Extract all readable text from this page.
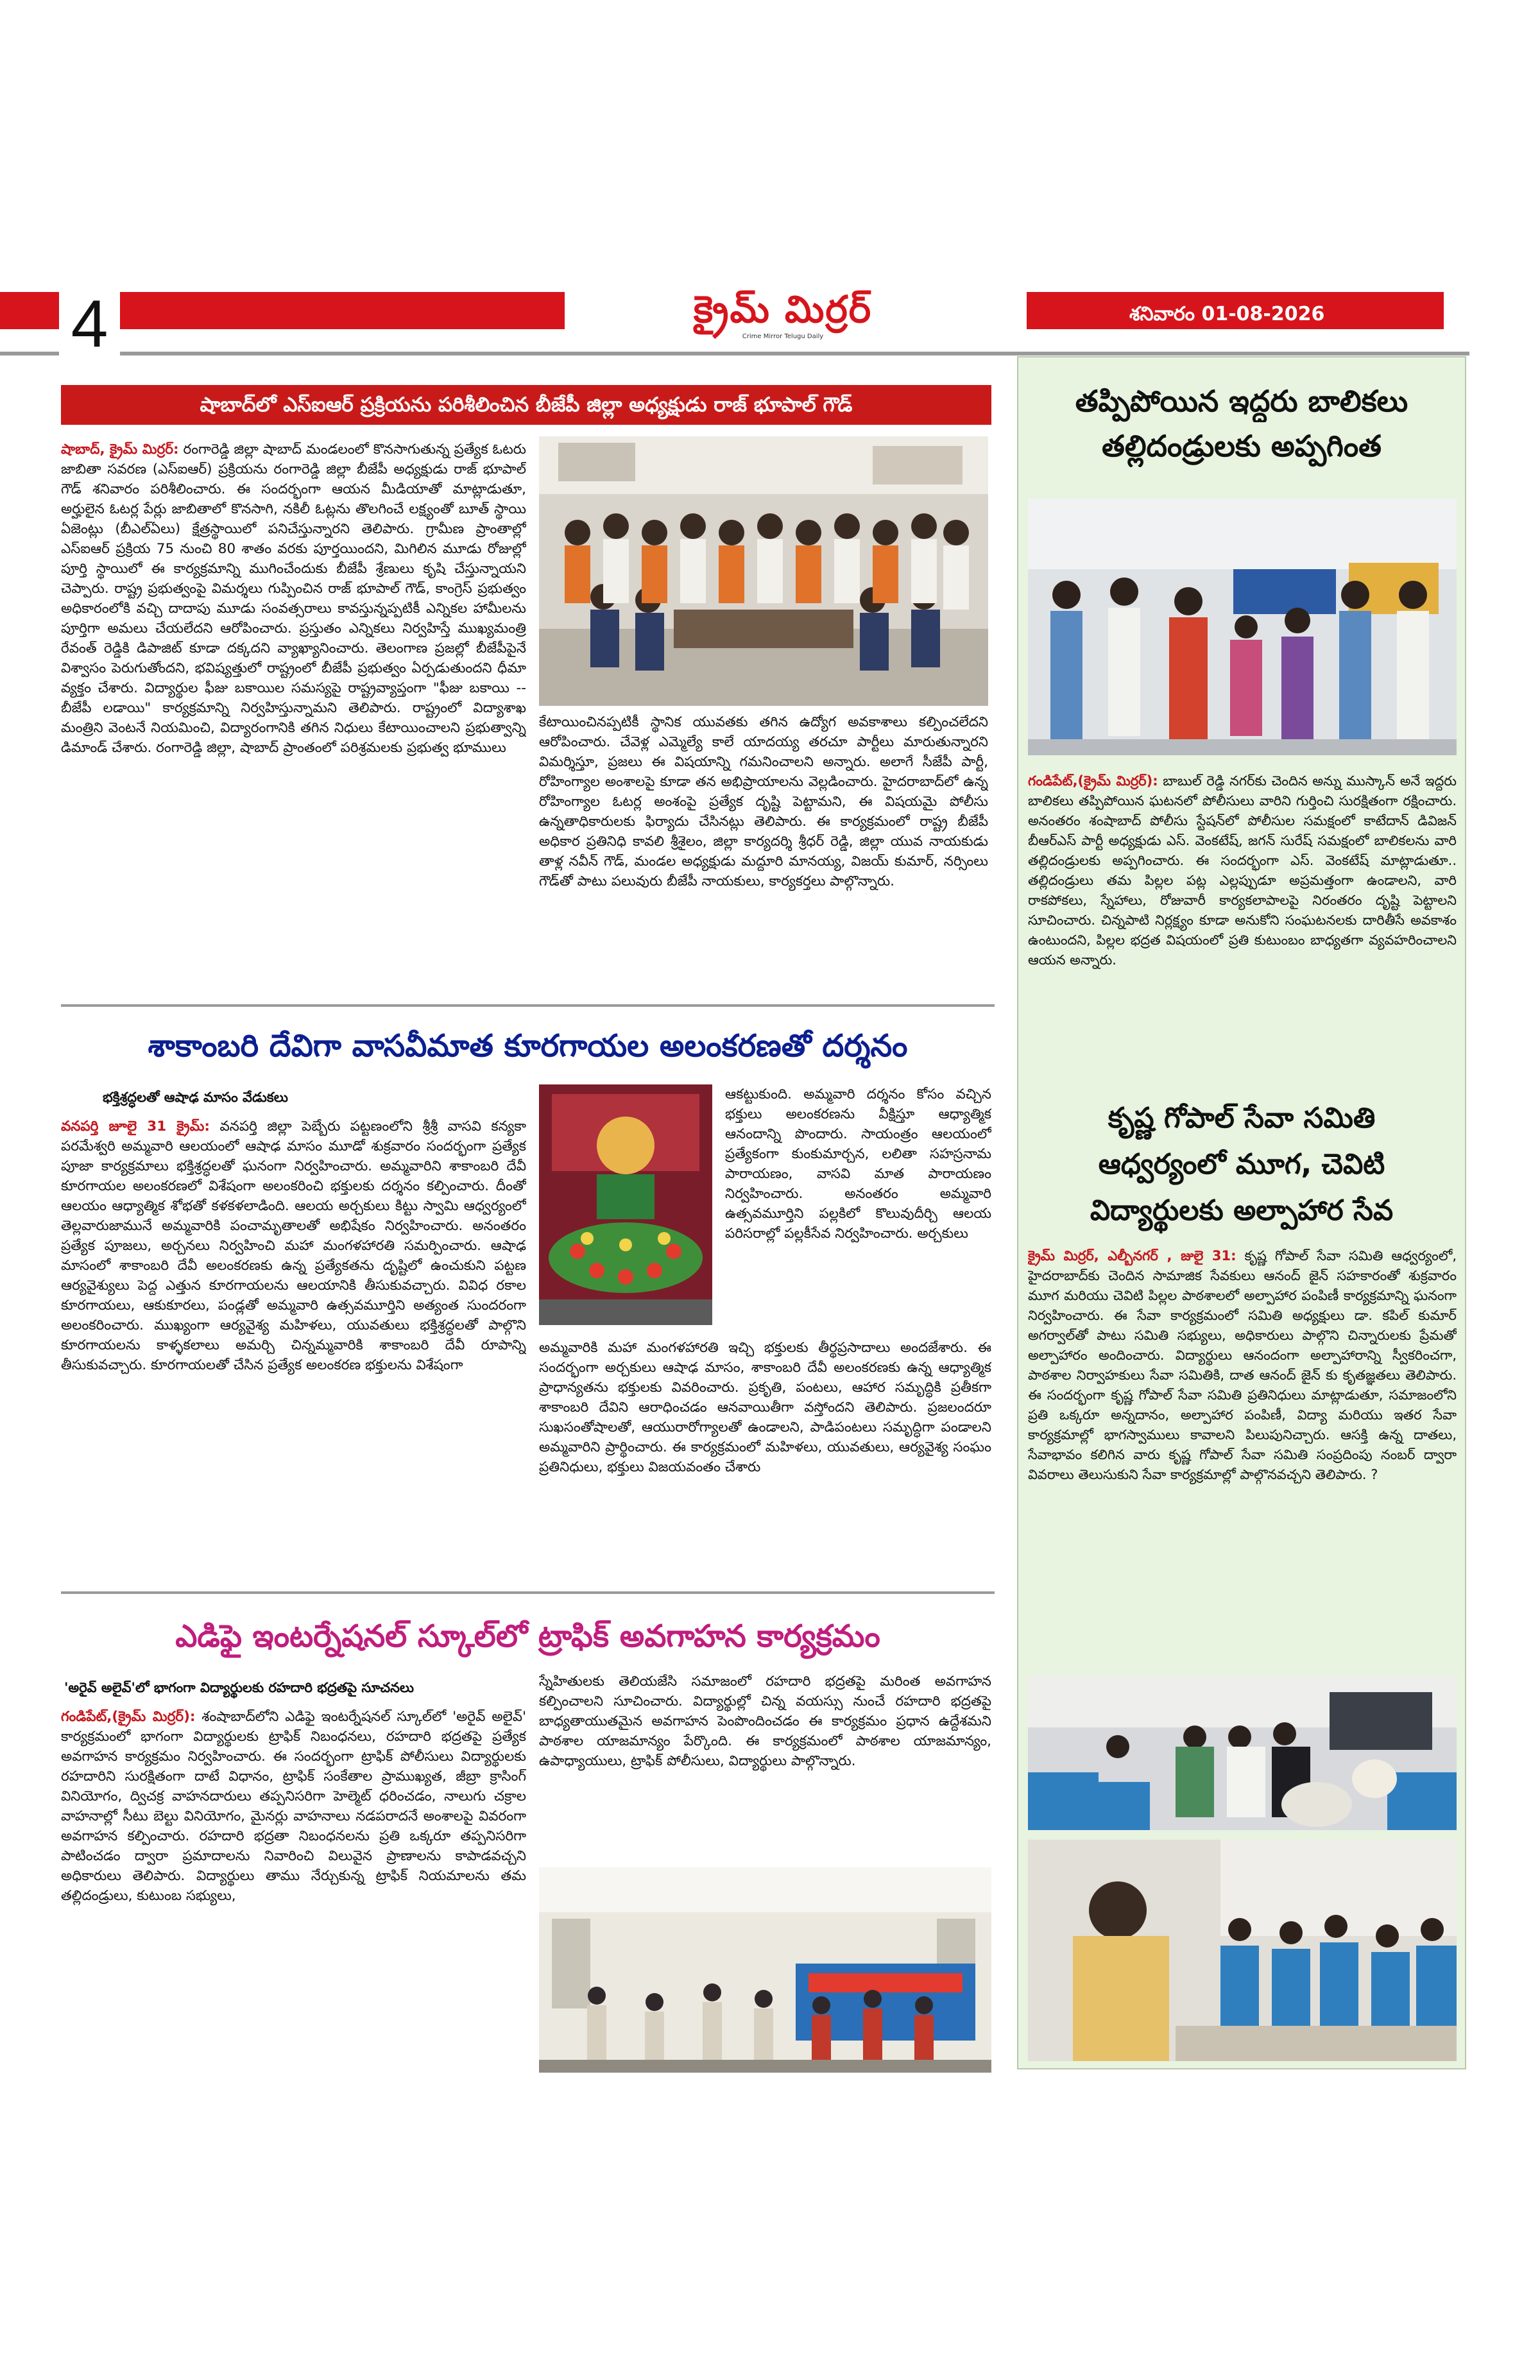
4	క్రైమ్ మిర్రర్
Crime Mirror Telugu Daily
శనివారం 01-08-2026
షాబాద్‌లో ఎస్ఐఆర్ ప్రక్రియను పరిశీలించిన బీజేపీ జిల్లా అధ్యక్షుడు రాజ్ భూపాల్ గౌడ్
షాబాద్, క్రైమ్ మిర్రర్: రంగారెడ్డి జిల్లా షాబాద్ మండలంలో కొనసాగుతున్న ప్రత్యేక ఓటరు జాబితా సవరణ (ఎస్ఐఆర్) ప్రక్రియను రంగారెడ్డి జిల్లా బీజేపీ అధ్యక్షుడు రాజ్ భూపాల్ గౌడ్ శనివారం పరిశీలించారు. ఈ సందర్భంగా ఆయన మీడియాతో మాట్లాడుతూ, అర్హులైన ఓటర్ల పేర్లు జాబితాలో కొనసాగి, నకిలీ ఓట్లను తొలగించే లక్ష్యంతో బూత్ స్థాయి ఏజెంట్లు (బీఎల్ఏలు) క్షేత్రస్థాయిలో పనిచేస్తున్నారని తెలిపారు. గ్రామీణ ప్రాంతాల్లో ఎస్ఐఆర్ ప్రక్రియ 75 నుంచి 80 శాతం వరకు పూర్తయిందని, మిగిలిన మూడు రోజుల్లో పూర్తి స్థాయిలో ఈ కార్యక్రమాన్ని ముగించేందుకు బీజేపీ శ్రేణులు కృషి చేస్తున్నాయని చెప్పారు. రాష్ట్ర ప్రభుత్వంపై విమర్శలు గుప్పించిన రాజ్ భూపాల్ గౌడ్, కాంగ్రెస్ ప్రభుత్వం అధికారంలోకి వచ్చి దాదాపు మూడు సంవత్సరాలు కావస్తున్నప్పటికీ ఎన్నికల హామీలను పూర్తిగా అమలు చేయలేదని ఆరోపించారు. ప్రస్తుతం ఎన్నికలు నిర్వహిస్తే ముఖ్యమంత్రి రేవంత్ రెడ్డికి డిపాజిట్ కూడా దక్కదని వ్యాఖ్యానించారు. తెలంగాణ ప్రజల్లో బీజేపీపైనే విశ్వాసం పెరుగుతోందని, భవిష్యత్తులో రాష్ట్రంలో బీజేపీ ప్రభుత్వం ఏర్పడుతుందని ధీమా వ్యక్తం చేశారు. విద్యార్థుల ఫీజు బకాయిల సమస్యపై రాష్ట్రవ్యాప్తంగా "ఫీజు బకాయి -- బీజేపీ లడాయి" కార్యక్రమాన్ని నిర్వహిస్తున్నామని తెలిపారు. రాష్ట్రంలో విద్యాశాఖ మంత్రిని వెంటనే నియమించి, విద్యారంగానికి తగిన నిధులు కేటాయించాలని ప్రభుత్వాన్ని డిమాండ్ చేశారు. రంగారెడ్డి జిల్లా, షాబాద్ ప్రాంతంలో పరిశ్రమలకు ప్రభుత్వ భూములు
కేటాయించినప్పటికీ స్థానిక యువతకు తగిన ఉద్యోగ అవకాశాలు కల్పించలేదని ఆరోపించారు. చేవెళ్ల ఎమ్మెల్యే కాలే యాదయ్య తరచూ పార్టీలు మారుతున్నారని విమర్శిస్తూ, ప్రజలు ఈ విషయాన్ని గమనించాలని అన్నారు. అలాగే సీజేపీ పార్టీ, రోహింగ్యాల అంశాలపై కూడా తన అభిప్రాయాలను వెల్లడించారు. హైదరాబాద్‌లో ఉన్న రోహింగ్యాల ఓటర్ల అంశంపై ప్రత్యేక దృష్టి పెట్టామని, ఈ విషయమై పోలీసు ఉన్నతాధికారులకు ఫిర్యాదు చేసినట్లు తెలిపారు. ఈ కార్యక్రమంలో రాష్ట్ర బీజేపీ అధికార ప్రతినిధి కావలి శ్రీశైలం, జిల్లా కార్యదర్శి శ్రీధర్ రెడ్డి, జిల్లా యువ నాయకుడు తాళ్ల నవీన్ గౌడ్, మండల అధ్యక్షుడు మద్దూరి మానయ్య, విజయ్ కుమార్, నర్సింలు గౌడ్‌తో పాటు పలువురు బీజేపీ నాయకులు, కార్యకర్తలు పాల్గొన్నారు.
శాకాంబరి దేవిగా వాసవీమాత కూరగాయల అలంకరణతో దర్శనం
భక్తిశ్రద్ధలతో ఆషాఢ మాసం వేడుకలు
వనపర్తి జూలై 31 క్రైమ్: వనపర్తి జిల్లా పెబ్బేరు పట్టణంలోని శ్రీశ్రీ వాసవి కన్యకా పరమేశ్వరి అమ్మవారి ఆలయంలో ఆషాఢ మాసం మూడో శుక్రవారం సందర్భంగా ప్రత్యేక పూజా కార్యక్రమాలు భక్తిశ్రద్ధలతో ఘనంగా నిర్వహించారు. అమ్మవారిని శాకాంబరి దేవీ కూరగాయల అలంకరణలో విశేషంగా అలంకరించి భక్తులకు దర్శనం కల్పించారు. దీంతో ఆలయం ఆధ్యాత్మిక శోభతో కళకళలాడింది. ఆలయ అర్చకులు కిట్టు స్వామి ఆధ్వర్యంలో తెల్లవారుజామునే అమ్మవారికి పంచామృతాలతో అభిషేకం నిర్వహించారు. అనంతరం ప్రత్యేక పూజలు, అర్చనలు నిర్వహించి మహా మంగళహారతి సమర్పించారు. ఆషాఢ మాసంలో శాకాంబరి దేవీ అలంకరణకు ఉన్న ప్రత్యేకతను దృష్టిలో ఉంచుకుని పట్టణ ఆర్యవైశ్యులు పెద్ద ఎత్తున కూరగాయలను ఆలయానికి తీసుకువచ్చారు. వివిధ రకాల కూరగాయలు, ఆకుకూరలు, పండ్లతో అమ్మవారి ఉత్సవమూర్తిని అత్యంత సుందరంగా అలంకరించారు. ముఖ్యంగా ఆర్యవైశ్య మహిళలు, యువతులు భక్తిశ్రద్ధలతో పాల్గొని కూరగాయలను కాళ్ళకలాలు అమర్చి చిన్నమ్మవారికి శాకాంబరి దేవీ రూపాన్ని తీసుకువచ్చారు. కూరగాయలతో చేసిన ప్రత్యేక అలంకరణ భక్తులను విశేషంగా
ఆకట్టుకుంది. అమ్మవారి దర్శనం కోసం వచ్చిన భక్తులు అలంకరణను వీక్షిస్తూ ఆధ్యాత్మిక ఆనందాన్ని పొందారు. సాయంత్రం ఆలయంలో ప్రత్యేకంగా కుంకుమార్చన, లలితా సహస్రనామ పారాయణం, వాసవి మాత పారాయణం నిర్వహించారు. అనంతరం అమ్మవారి ఉత్సవమూర్తిని పల్లకిలో కొలువుదీర్చి ఆలయ పరిసరాల్లో పల్లకీసేవ నిర్వహించారు. అర్చకులు
అమ్మవారికి మహా మంగళహారతి ఇచ్చి భక్తులకు తీర్థప్రసాదాలు అందజేశారు. ఈ సందర్భంగా అర్చకులు ఆషాఢ మాసం, శాకాంబరి దేవీ అలంకరణకు ఉన్న ఆధ్యాత్మిక ప్రాధాన్యతను భక్తులకు వివరించారు. ప్రకృతి, పంటలు, ఆహార సమృద్ధికి ప్రతీకగా శాకాంబరి దేవిని ఆరాధించడం ఆనవాయితీగా వస్తోందని తెలిపారు. ప్రజలందరూ సుఖసంతోషాలతో, ఆయురారోగ్యాలతో ఉండాలని, పాడిపంటలు సమృద్ధిగా పండాలని అమ్మవారిని ప్రార్థించారు. ఈ కార్యక్రమంలో మహిళలు, యువతులు, ఆర్యవైశ్య సంఘం ప్రతినిధులు, భక్తులు విజయవంతం చేశారు
ఎడిఫై ఇంటర్నేషనల్ స్కూల్‌లో ట్రాఫిక్ అవగాహన కార్యక్రమం
'అరైవ్ అలైవ్'లో భాగంగా విద్యార్థులకు రహదారి భద్రతపై సూచనలు
గండిపేట్,(క్రైమ్ మిర్రర్): శంషాబాద్‌లోని ఎడిఫై ఇంటర్నేషనల్ స్కూల్‌లో 'అరైవ్ అలైవ్' కార్యక్రమంలో భాగంగా విద్యార్థులకు ట్రాఫిక్ నిబంధనలు, రహదారి భద్రతపై ప్రత్యేక అవగాహన కార్యక్రమం నిర్వహించారు. ఈ సందర్భంగా ట్రాఫిక్ పోలీసులు విద్యార్థులకు రహదారిని సురక్షితంగా దాటే విధానం, ట్రాఫిక్ సంకేతాల ప్రాముఖ్యత, జీబ్రా క్రాసింగ్ వినియోగం, ద్విచక్ర వాహనదారులు తప్పనిసరిగా హెల్మెట్ ధరించడం, నాలుగు చక్రాల వాహనాల్లో సీటు బెల్టు వినియోగం, మైనర్లు వాహనాలు నడపరాదనే అంశాలపై వివరంగా అవగాహన కల్పించారు. రహదారి భద్రతా నిబంధనలను ప్రతి ఒక్కరూ తప్పనిసరిగా పాటించడం ద్వారా ప్రమాదాలను నివారించి విలువైన ప్రాణాలను కాపాడవచ్చని అధికారులు తెలిపారు. విద్యార్థులు తాము నేర్చుకున్న ట్రాఫిక్ నియమాలను తమ తల్లిదండ్రులు, కుటుంబ సభ్యులు,
స్నేహితులకు తెలియజేసి సమాజంలో రహదారి భద్రతపై మరింత అవగాహన కల్పించాలని సూచించారు. విద్యార్థుల్లో చిన్న వయస్సు నుంచే రహదారి భద్రతపై బాధ్యతాయుతమైన అవగాహన పెంపొందించడం ఈ కార్యక్రమం ప్రధాన ఉద్దేశమని పాఠశాల యాజమాన్యం పేర్కొంది. ఈ కార్యక్రమంలో పాఠశాల యాజమాన్యం, ఉపాధ్యాయులు, ట్రాఫిక్ పోలీసులు, విద్యార్థులు పాల్గొన్నారు.
తప్పిపోయిన ఇద్దరు బాలికలు
తల్లిదండ్రులకు అప్పగింత
గండిపేట్,(క్రైమ్ మిర్రర్): బాబుల్ రెడ్డి నగర్‌కు చెందిన అన్ను ముస్కాన్ అనే ఇద్దరు బాలికలు తప్పిపోయిన ఘటనలో పోలీసులు వారిని గుర్తించి సురక్షితంగా రక్షించారు. అనంతరం శంషాబాద్ పోలీసు స్టేషన్‌లో పోలీసుల సమక్షంలో కాటేదాన్ డివిజన్ బీఆర్ఎస్ పార్టీ అధ్యక్షుడు ఎస్. వెంకటేష్, జగన్ సురేష్ సమక్షంలో బాలికలను వారి తల్లిదండ్రులకు అప్పగించారు. ఈ సందర్భంగా ఎస్. వెంకటేష్ మాట్లాడుతూ.. తల్లిదండ్రులు తమ పిల్లల పట్ల ఎల్లప్పుడూ అప్రమత్తంగా ఉండాలని, వారి రాకపోకలు, స్నేహాలు, రోజువారీ కార్యకలాపాలపై నిరంతరం దృష్టి పెట్టాలని సూచించారు. చిన్నపాటి నిర్లక్ష్యం కూడా అనుకోని సంఘటనలకు దారితీసే అవకాశం ఉంటుందని, పిల్లల భద్రత విషయంలో ప్రతి కుటుంబం బాధ్యతగా వ్యవహరించాలని ఆయన అన్నారు.
కృష్ణ గోపాల్ సేవా సమితి
ఆధ్వర్యంలో మూగ, చెవిటి
విద్యార్థులకు అల్పాహార సేవ
క్రైమ్ మిర్రర్, ఎల్బీనగర్ , జులై 31: కృష్ణ గోపాల్ సేవా సమితి ఆధ్వర్యంలో, హైదరాబాద్‌కు చెందిన సామాజిక సేవకులు ఆనంద్ జైన్ సహకారంతో శుక్రవారం మూగ మరియు చెవిటి పిల్లల పాఠశాలలో అల్పాహార పంపిణీ కార్యక్రమాన్ని ఘనంగా నిర్వహించారు. ఈ సేవా కార్యక్రమంలో సమితి అధ్యక్షులు డా. కపిల్ కుమార్ అగర్వాల్‌తో పాటు సమితి సభ్యులు, అధికారులు పాల్గొని చిన్నారులకు ప్రేమతో అల్పాహారం అందించారు. విద్యార్థులు ఆనందంగా అల్పాహారాన్ని స్వీకరించగా, పాఠశాల నిర్వాహకులు సేవా సమితికి, దాత ఆనంద్ జైన్ కు కృతజ్ఞతలు తెలిపారు. ఈ సందర్భంగా కృష్ణ గోపాల్ సేవా సమితి ప్రతినిధులు మాట్లాడుతూ, సమాజంలోని ప్రతి ఒక్కరూ అన్నదానం, అల్పాహార పంపిణీ, విద్యా మరియు ఇతర సేవా కార్యక్రమాల్లో భాగస్వాములు కావాలని పిలుపునిచ్చారు. ఆసక్తి ఉన్న దాతలు, సేవాభావం కలిగిన వారు కృష్ణ గోపాల్ సేవా సమితి సంప్రదింపు నంబర్ ద్వారా వివరాలు తెలుసుకుని సేవా కార్యక్రమాల్లో పాల్గొనవచ్చని తెలిపారు. ?
